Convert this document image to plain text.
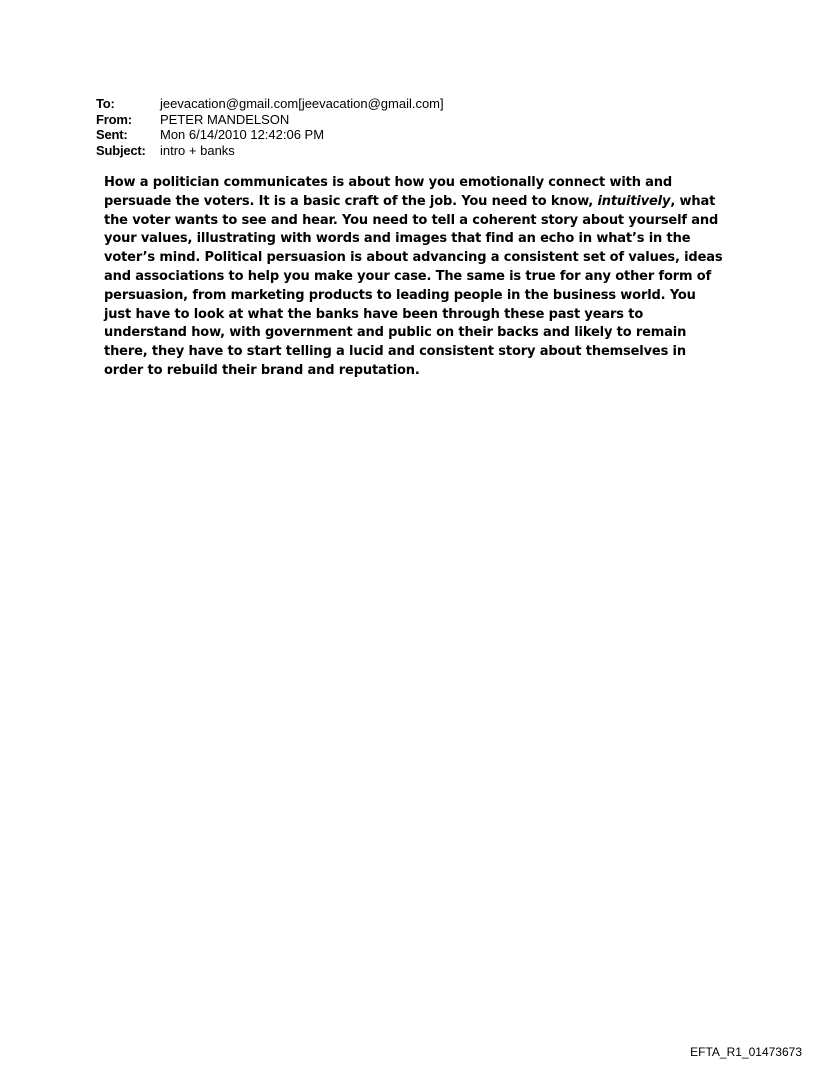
To:	jeevacation@gmail.com[jeevacation@gmail.com]
From:	PETER MANDELSON
Sent:	Mon 6/14/2010 12:42:06 PM
Subject:	intro + banks
How a politician communicates is about how you emotionally connect with and persuade the voters. It is a basic craft of the job. You need to know, intuitively, what the voter wants to see and hear. You need to tell a coherent story about yourself and your values, illustrating with words and images that find an echo in what’s in the voter’s mind. Political persuasion is about advancing a consistent set of values, ideas and associations to help you make your case. The same is true for any other form of persuasion, from marketing products to leading people in the business world. You just have to look at what the banks have been through these past years to understand how, with government and public on their backs and likely to remain there, they have to start telling a lucid and consistent story about themselves in order to rebuild their brand and reputation.
EFTA_R1_01473673
